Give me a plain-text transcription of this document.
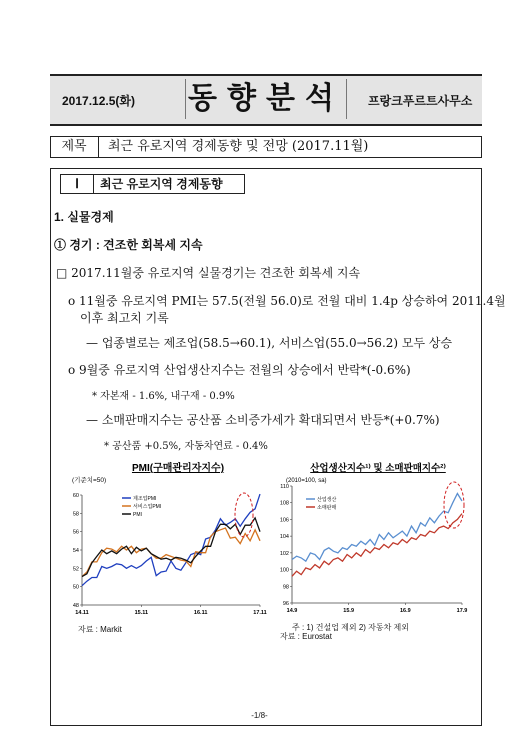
2017.12.5(화) 동향분석 프랑크푸르트사무소
제목	최근 유로지역 경제동향 및 전망 (2017.11월)
Ⅰ	최근 유로지역 경제동향
1. 실물경제
① 경기 : 견조한 회복세 지속
□ 2017.11월중 유로지역 실물경기는 견조한 회복세 지속
o 11월중 유로지역 PMI는 57.5(전월 56.0)로 전월 대비 1.4p 상승하여 2011.4월
이후 최고치 기록
— 업종별로는 제조업(58.5→60.1), 서비스업(55.0→56.2) 모두 상승
o 9월중 유로지역 산업생산지수는 전월의 상승에서 반락*(-0.6%)
* 자본재 - 1.6%, 내구재 - 0.9%
— 소매판매지수는 공산품 소비증가세가 확대되면서 반등*(+0.7%)
* 공산품 +0.5%, 자동차연료 - 0.4%
PMI(구매관리자지수)
(기준치=50)
48
50
52
54
56
58
60
14.11	15.11	16.11	17.11
제조업PMI
서비스업PMI
PMI
산업생산지수¹⁾ 및 소매판매지수²⁾
(2010=100, sa)
96
98
100
102
104
106
108
110
14.9	15.9	16.9	17.9
산업생산
소매판매
자료 : Markit	주 : 1) 건설업 제외 2) 자동차 제외
자료 : Eurostat
-1/8-
